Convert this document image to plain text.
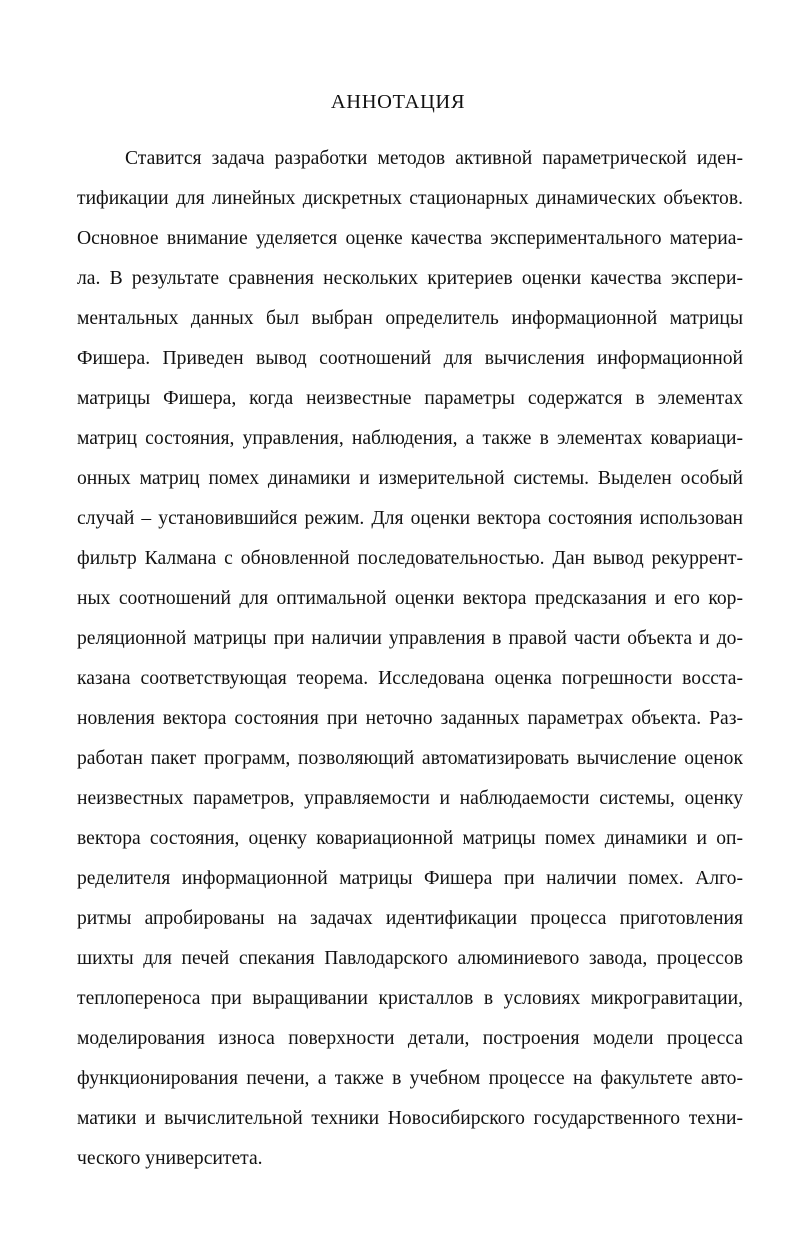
АННОТАЦИЯ
Ставится задача разработки методов активной параметрической иден-
тификации для линейных дискретных стационарных динамических объектов.
Основное внимание уделяется оценке качества экспериментального материа-
ла. В результате сравнения нескольких критериев оценки качества экспери-
ментальных данных был выбран определитель информационной матрицы
Фишера. Приведен вывод соотношений для вычисления информационной
матрицы Фишера, когда неизвестные параметры содержатся в элементах
матриц состояния, управления, наблюдения, а также в элементах ковариаци-
онных матриц помех динамики и измерительной системы. Выделен особый
случай – установившийся режим. Для оценки вектора состояния использован
фильтр Калмана с обновленной последовательностью. Дан вывод рекуррент-
ных соотношений для оптимальной оценки вектора предсказания и его кор-
реляционной матрицы при наличии управления в правой части объекта и до-
казана соответствующая теорема. Исследована оценка погрешности восста-
новления вектора состояния при неточно заданных параметрах объекта. Раз-
работан пакет программ, позволяющий автоматизировать вычисление оценок
неизвестных параметров, управляемости и наблюдаемости системы, оценку
вектора состояния, оценку ковариационной матрицы помех динамики и оп-
ределителя информационной матрицы Фишера при наличии помех. Алго-
ритмы апробированы на задачах идентификации процесса приготовления
шихты для печей спекания Павлодарского алюминиевого завода, процессов
теплопереноса при выращивании кристаллов в условиях микрогравитации,
моделирования износа поверхности детали, построения модели процесса
функционирования печени, а также в учебном процессе на факультете авто-
матики и вычислительной техники Новосибирского государственного техни-
ческого университета.
